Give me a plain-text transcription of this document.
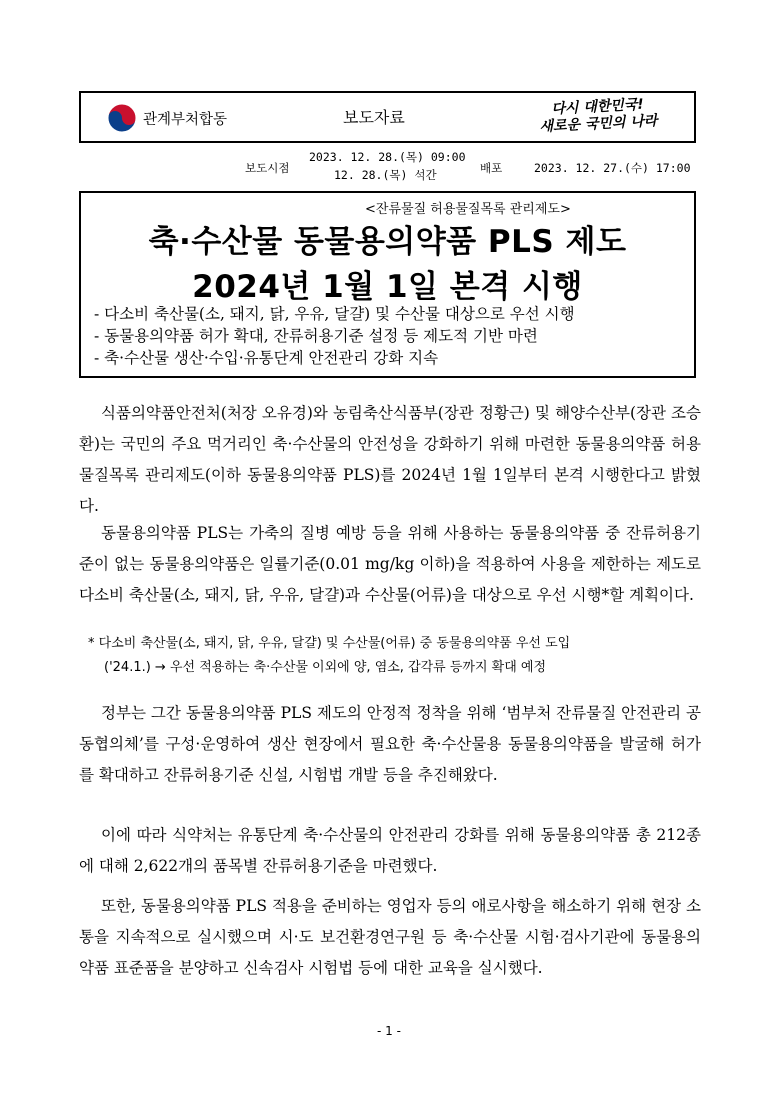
관계부처합동	보도자료
다시 대한민국!
새로운 국민의 나라
보도시점
2023. 12. 28.(목) 09:00
12. 28.(목) 석간	배포	2023. 12. 27.(수) 17:00
<잔류물질 허용물질목록 관리제도>
축·수산물 동물용의약품 PLS 제도
2024년 1월 1일 본격 시행
- 다소비 축산물(소, 돼지, 닭, 우유, 달걀) 및 수산물 대상으로 우선 시행
- 동물용의약품 허가 확대, 잔류허용기준 설정 등 제도적 기반 마련
- 축·수산물 생산·수입·유통단계 안전관리 강화 지속
식품의약품안전처(처장 오유경)와 농림축산식품부(장관 정황근) 및 해양수산부(장관 조승환)는 국민의 주요 먹거리인 축·수산물의 안전성을 강화하기 위해 마련한 동물용의약품 허용물질목록 관리제도(이하 동물용의약품 PLS)를 2024년 1월 1일부터 본격 시행한다고 밝혔다.
동물용의약품 PLS는 가축의 질병 예방 등을 위해 사용하는 동물용의약품 중 잔류허용기준이 없는 동물용의약품은 일률기준(0.01 mg/kg 이하)을 적용하여 사용을 제한하는 제도로 다소비 축산물(소, 돼지, 닭, 우유, 달걀)과 수산물(어류)을 대상으로 우선 시행*할 계획이다.
* 다소비 축산물(소, 돼지, 닭, 우유, 달걀) 및 수산물(어류) 중 동물용의약품 우선 도입
('24.1.) → 우선 적용하는 축·수산물 이외에 양, 염소, 갑각류 등까지 확대 예정
정부는 그간 동물용의약품 PLS 제도의 안정적 정착을 위해 ‘범부처 잔류물질 안전관리 공동협의체’를 구성·운영하여 생산 현장에서 필요한 축·수산물용 동물용의약품을 발굴해 허가를 확대하고 잔류허용기준 신설, 시험법 개발 등을 추진해왔다.
이에 따라 식약처는 유통단계 축·수산물의 안전관리 강화를 위해 동물용의약품 총 212종에 대해 2,622개의 품목별 잔류허용기준을 마련했다.
또한, 동물용의약품 PLS 적용을 준비하는 영업자 등의 애로사항을 해소하기 위해 현장 소통을 지속적으로 실시했으며 시·도 보건환경연구원 등 축·수산물 시험·검사기관에 동물용의약품 표준품을 분양하고 신속검사 시험법 등에 대한 교육을 실시했다.
- 1 -
